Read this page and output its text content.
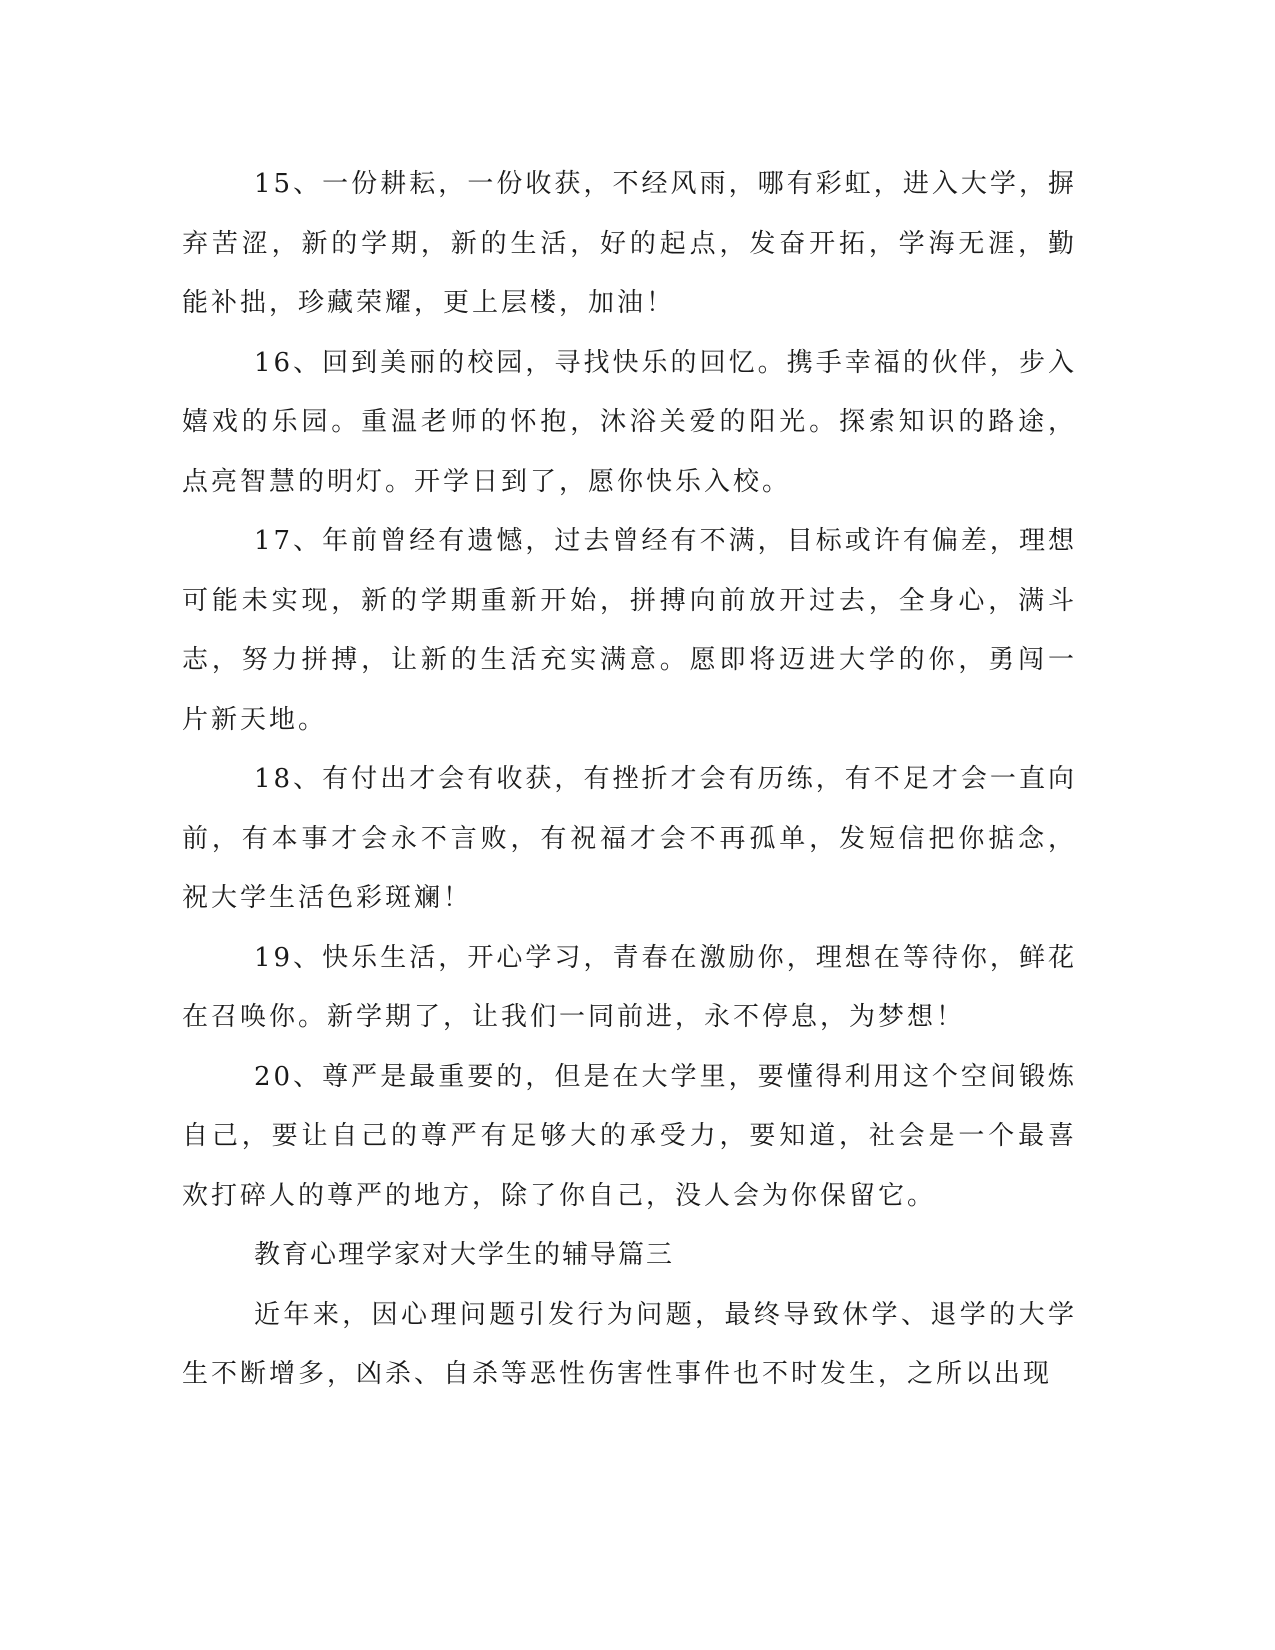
15、一份耕耘，一份收获，不经风雨，哪有彩虹，进入大学，摒弃苦涩，新的学期，新的生活，好的起点，发奋开拓，学海无涯，勤能补拙，珍藏荣耀，更上层楼，加油！

16、回到美丽的校园，寻找快乐的回忆。携手幸福的伙伴，步入嬉戏的乐园。重温老师的怀抱，沐浴关爱的阳光。探索知识的路途，点亮智慧的明灯。开学日到了，愿你快乐入校。

17、年前曾经有遗憾，过去曾经有不满，目标或许有偏差，理想可能未实现，新的学期重新开始，拼搏向前放开过去，全身心，满斗志，努力拼搏，让新的生活充实满意。愿即将迈进大学的你，勇闯一片新天地。

18、有付出才会有收获，有挫折才会有历练，有不足才会一直向前，有本事才会永不言败，有祝福才会不再孤单，发短信把你掂念，祝大学生活色彩斑斓！

19、快乐生活，开心学习，青春在激励你，理想在等待你，鲜花在召唤你。新学期了，让我们一同前进，永不停息，为梦想！

20、尊严是最重要的，但是在大学里，要懂得利用这个空间锻炼自己，要让自己的尊严有足够大的承受力，要知道，社会是一个最喜欢打碎人的尊严的地方，除了你自己，没人会为你保留它。

教育心理学家对大学生的辅导篇三

近年来，因心理问题引发行为问题，最终导致休学、退学的大学生不断增多，凶杀、自杀等恶性伤害性事件也不时发生，之所以出现
